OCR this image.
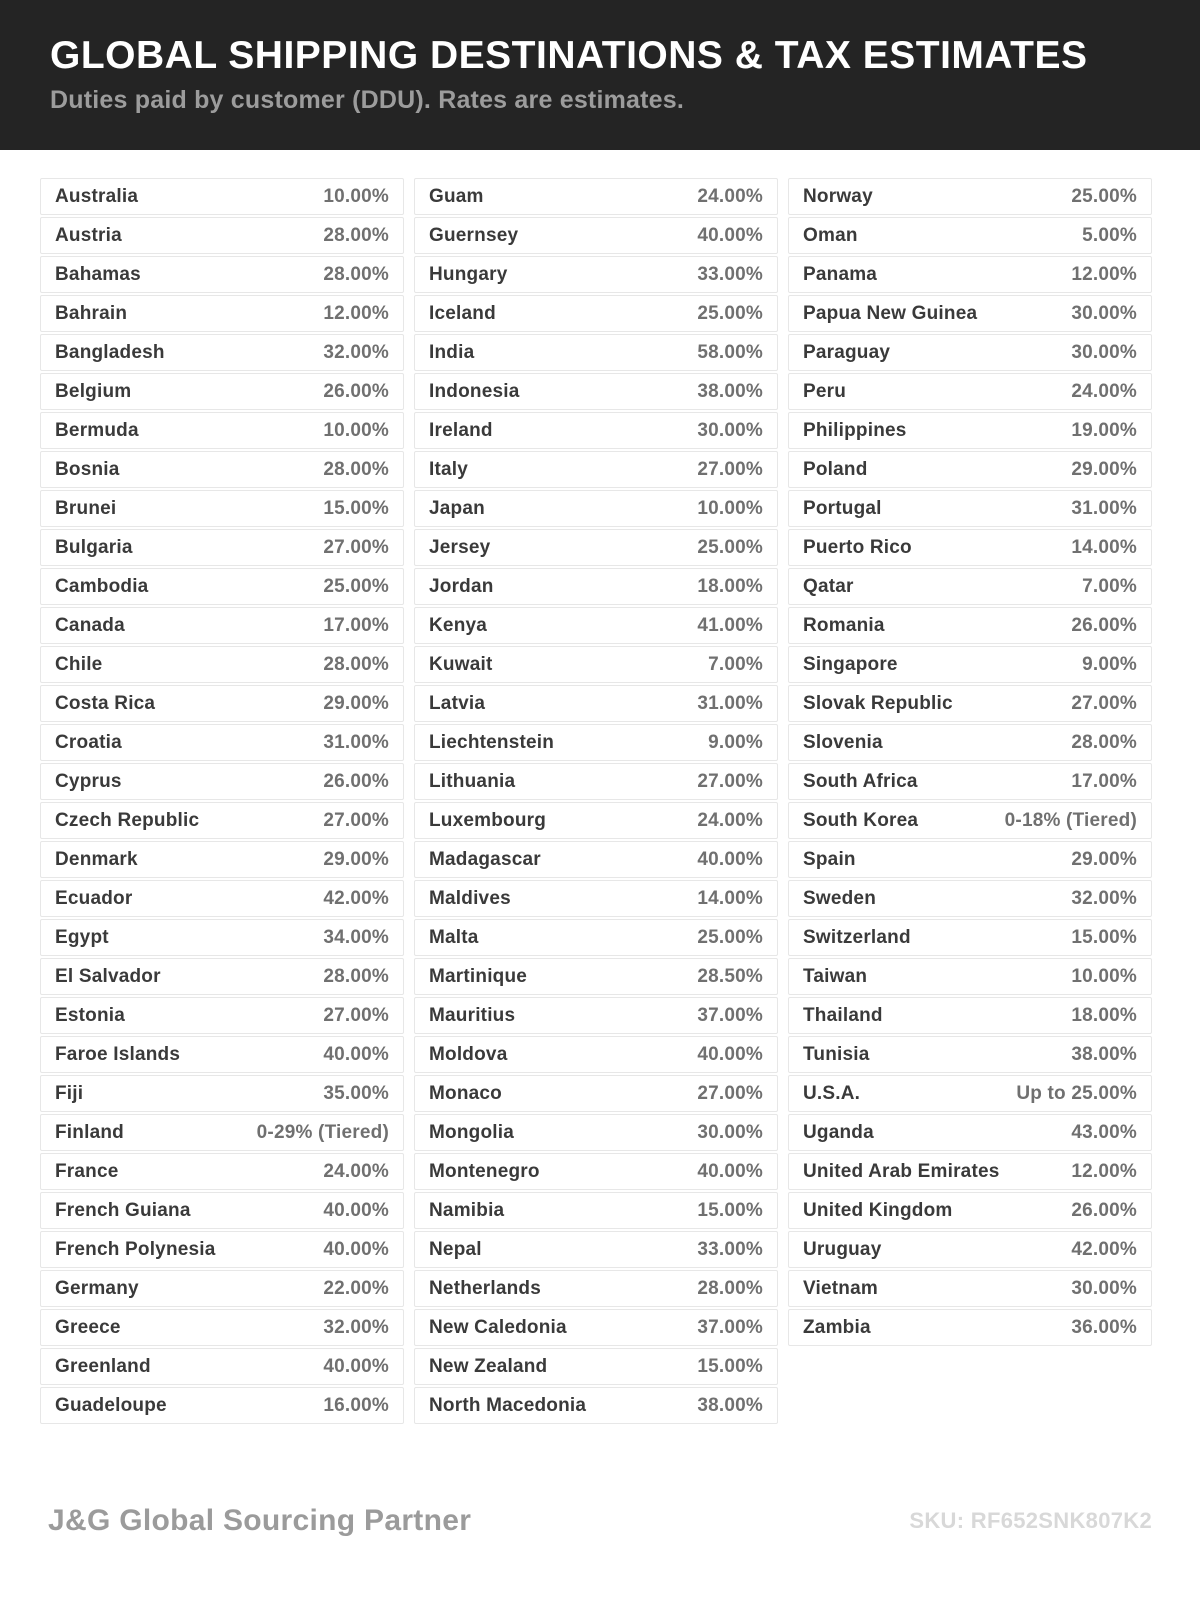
GLOBAL SHIPPING DESTINATIONS & TAX ESTIMATES

Duties paid by customer (DDU). Rates are estimates.

Australia	10.00%
Austria	28.00%
Bahamas	28.00%
Bahrain	12.00%
Bangladesh	32.00%
Belgium	26.00%
Bermuda	10.00%
Bosnia	28.00%
Brunei	15.00%
Bulgaria	27.00%
Cambodia	25.00%
Canada	17.00%
Chile	28.00%
Costa Rica	29.00%
Croatia	31.00%
Cyprus	26.00%
Czech Republic	27.00%
Denmark	29.00%
Ecuador	42.00%
Egypt	34.00%
El Salvador	28.00%
Estonia	27.00%
Faroe Islands	40.00%
Fiji	35.00%
Finland	0-29% (Tiered)
France	24.00%
French Guiana	40.00%
French Polynesia	40.00%
Germany	22.00%
Greece	32.00%
Greenland	40.00%
Guadeloupe	16.00%
Guam	24.00%
Guernsey	40.00%
Hungary	33.00%
Iceland	25.00%
India	58.00%
Indonesia	38.00%
Ireland	30.00%
Italy	27.00%
Japan	10.00%
Jersey	25.00%
Jordan	18.00%
Kenya	41.00%
Kuwait	7.00%
Latvia	31.00%
Liechtenstein	9.00%
Lithuania	27.00%
Luxembourg	24.00%
Madagascar	40.00%
Maldives	14.00%
Malta	25.00%
Martinique	28.50%
Mauritius	37.00%
Moldova	40.00%
Monaco	27.00%
Mongolia	30.00%
Montenegro	40.00%
Namibia	15.00%
Nepal	33.00%
Netherlands	28.00%
New Caledonia	37.00%
New Zealand	15.00%
North Macedonia	38.00%
Norway	25.00%
Oman	5.00%
Panama	12.00%
Papua New Guinea	30.00%
Paraguay	30.00%
Peru	24.00%
Philippines	19.00%
Poland	29.00%
Portugal	31.00%
Puerto Rico	14.00%
Qatar	7.00%
Romania	26.00%
Singapore	9.00%
Slovak Republic	27.00%
Slovenia	28.00%
South Africa	17.00%
South Korea	0-18% (Tiered)
Spain	29.00%
Sweden	32.00%
Switzerland	15.00%
Taiwan	10.00%
Thailand	18.00%
Tunisia	38.00%
U.S.A.	Up to 25.00%
Uganda	43.00%
United Arab Emirates	12.00%
United Kingdom	26.00%
Uruguay	42.00%
Vietnam	30.00%
Zambia	36.00%
J&G Global Sourcing Partner	SKU: RF652SNK807K2
